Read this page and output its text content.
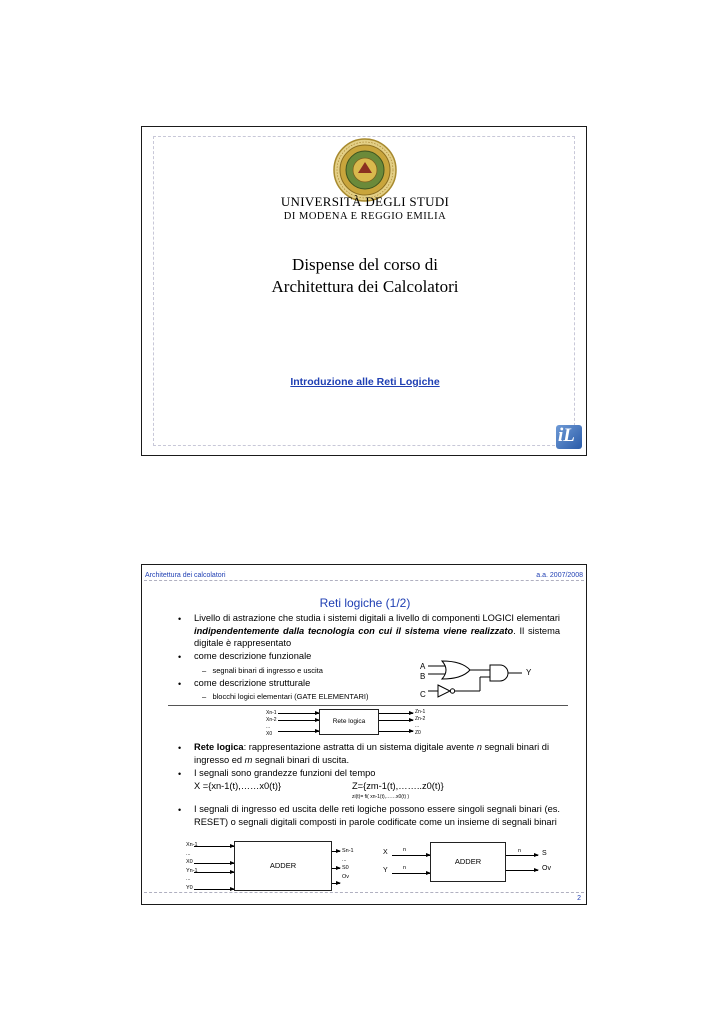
UNIVERSITÀ DEGLI STUDI
DI MODENA E REGGIO EMILIA
Dispense del corso di
Architettura dei Calcolatori
Introduzione alle Reti Logiche
iL
Architettura dei calcolatori	a.a. 2007/2008
Reti logiche (1/2)
• Livello di astrazione che studia i sistemi digitali a livello di componenti LOGICI elementari indipendentemente dalla tecnologia con cui il sistema viene realizzato. Il sistema digitale è rappresentato
• come descrizione funzionale
–   segnali binari di ingresso e uscita
• come descrizione strutturale
–   blocchi logici elementari (GATE ELEMENTARI)
A
B
C
Y
Xn-1
Xn-2
...
X0
Rete logica
Zn-1
Zn-2
...
Z0
• Rete logica: rappresentazione astratta di un sistema digitale avente n segnali binari di ingresso ed m segnali binari di uscita.
• I segnali sono grandezze funzioni del tempo
X ={xn-1(t),……x0(t)}	Z={zm-1(t),……..z0(t)}
zi(t)= fi( xn-1(t),……x0(t) )
• I segnali di ingresso ed uscita delle reti logiche possono essere singoli segnali binari (es. RESET) o segnali digitali composti in parole codificate come un insieme di segnali binari
Xn-1
...
X0
Yn-1
...
Y0
ADDER
Sn-1
...
S0
Ov
X
Y
n
n
ADDER
n	S
Ov
2
